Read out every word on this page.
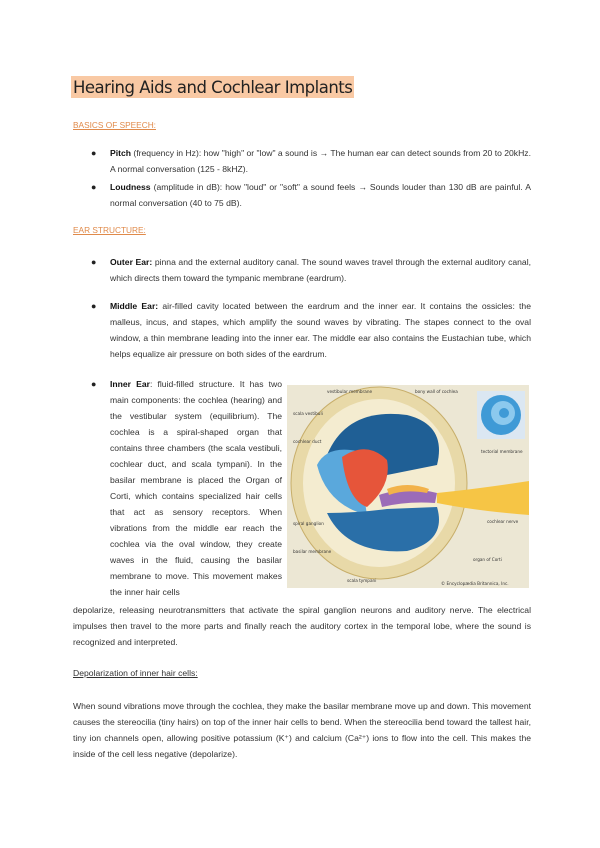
Hearing Aids and Cochlear Implants
BASICS OF SPEECH:
● Pitch (frequency in Hz): how "high" or "low" a sound is → The human ear can detect sounds from 20 to 20kHz. A normal conversation (125 - 8kHZ).
● Loudness (amplitude in dB): how "loud" or "soft" a sound feels → Sounds louder than 130 dB are painful. A normal conversation (40 to 75 dB).
EAR STRUCTURE:
● Outer Ear: pinna and the external auditory canal. The sound waves travel through the external auditory canal, which directs them toward the tympanic membrane (eardrum).
● Middle Ear: air-filled cavity located between the eardrum and the inner ear. It contains the ossicles: the malleus, incus, and stapes, which amplify the sound waves by vibrating. The stapes connect to the oval window, a thin membrane leading into the inner ear. The middle ear also contains the Eustachian tube, which helps equalize air pressure on both sides of the eardrum.
● Inner Ear: fluid-filled structure. It has two main components: the cochlea (hearing) and the vestibular system (equilibrium). The cochlea is a spiral-shaped organ that contains three chambers (the scala vestibuli, cochlear duct, and scala tympani). In the basilar membrane is placed the Organ of Corti, which contains specialized hair cells that act as sensory receptors. When vibrations from the middle ear reach the cochlea via the oval window, they create waves in the fluid, causing the basilar membrane to move. This movement makes the inner hair cells
depolarize, releasing neurotransmitters that activate the spiral ganglion neurons and auditory nerve. The electrical impulses then travel to the more parts and finally reach the auditory cortex in the temporal lobe, where the sound is recognized and interpreted.
vestibular membrane
scala vestibuli
cochlear duct
spiral ganglion
basilar membrane
scala tympani
bony wall of cochlea
tectorial membrane
cochlear nerve
organ of Corti
© Encyclopædia Britannica, Inc.
Depolarization of inner hair cells:
When sound vibrations move through the cochlea, they make the basilar membrane move up and down. This movement causes the stereocilia (tiny hairs) on top of the inner hair cells to bend. When the stereocilia bend toward the tallest hair, tiny ion channels open, allowing positive potassium (K⁺) and calcium (Ca²⁺) ions to flow into the cell. This makes the inside of the cell less negative (depolarize).
